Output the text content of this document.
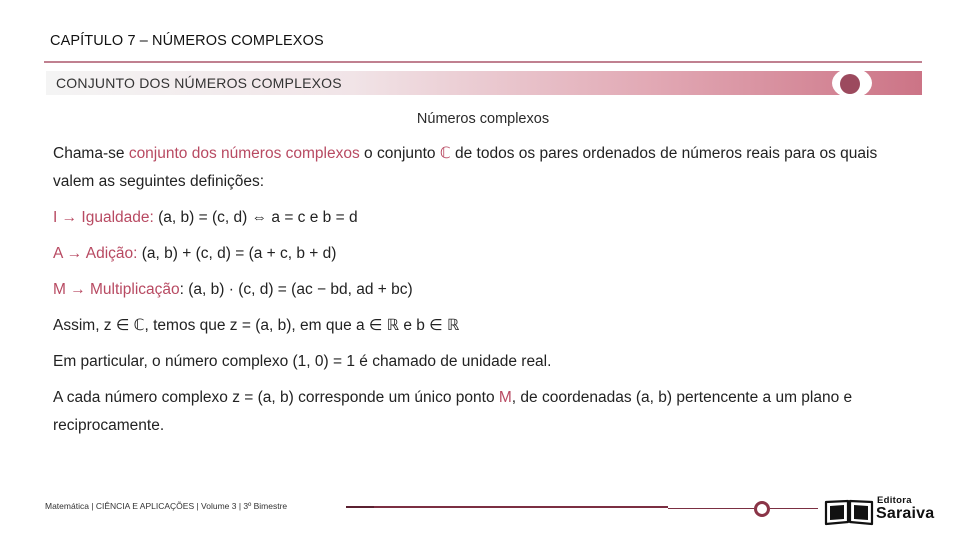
CAPÍTULO 7 – NÚMEROS COMPLEXOS
CONJUNTO DOS NÚMEROS COMPLEXOS
Números complexos

Chama-se conjunto dos números complexos o conjunto ℂ de todos os pares ordenados de números reais para os quais valem as seguintes definições:

I → Igualdade: (a, b) = (c, d) ⇔ a = c e b = d

A → Adição: (a, b) + (c, d) = (a + c, b + d)

M → Multiplicação: (a, b) · (c, d) = (ac − bd, ad + bc)

Assim, z ∈ ℂ, temos que z = (a, b), em que a ∈ ℝ e b ∈ ℝ

Em particular, o número complexo (1, 0) = 1 é chamado de unidade real.

A cada número complexo z = (a, b) corresponde um único ponto M, de coordenadas (a, b) pertencente a um plano e reciprocamente.

Matemática | CIÊNCIA E APLICAÇÕES | Volume 3 | 3º Bimestre	Editora
Saraiva
